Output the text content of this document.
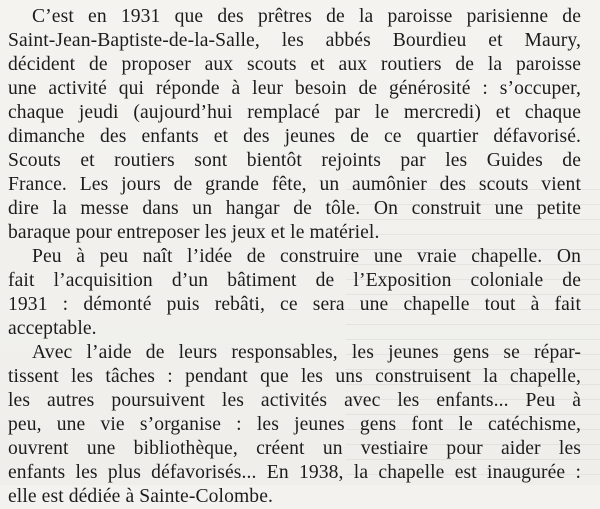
C’est en 1931 que des prêtres de la paroisse parisienne de
Saint-Jean-Baptiste-de-la-Salle, les abbés Bourdieu et Maury,
décident de proposer aux scouts et aux routiers de la paroisse
une activité qui réponde à leur besoin de générosité : s’occuper,
chaque jeudi (aujourd’hui remplacé par le mercredi) et chaque
dimanche des enfants et des jeunes de ce quartier défavorisé.
Scouts et routiers sont bientôt rejoints par les Guides de
France. Les jours de grande fête, un aumônier des scouts vient
dire la messe dans un hangar de tôle. On construit une petite
baraque pour entreposer les jeux et le matériel.
Peu à peu naît l’idée de construire une vraie chapelle. On
fait l’acquisition d’un bâtiment de l’Exposition coloniale de
1931 : démonté puis rebâti, ce sera une chapelle tout à fait
acceptable.
Avec l’aide de leurs responsables, les jeunes gens se répar-
tissent les tâches : pendant que les uns construisent la chapelle,
les autres poursuivent les activités avec les enfants... Peu à
peu, une vie s’organise : les jeunes gens font le catéchisme,
ouvrent une bibliothèque, créent un vestiaire pour aider les
enfants les plus défavorisés... En 1938, la chapelle est inaugurée :
elle est dédiée à Sainte-Colombe.
